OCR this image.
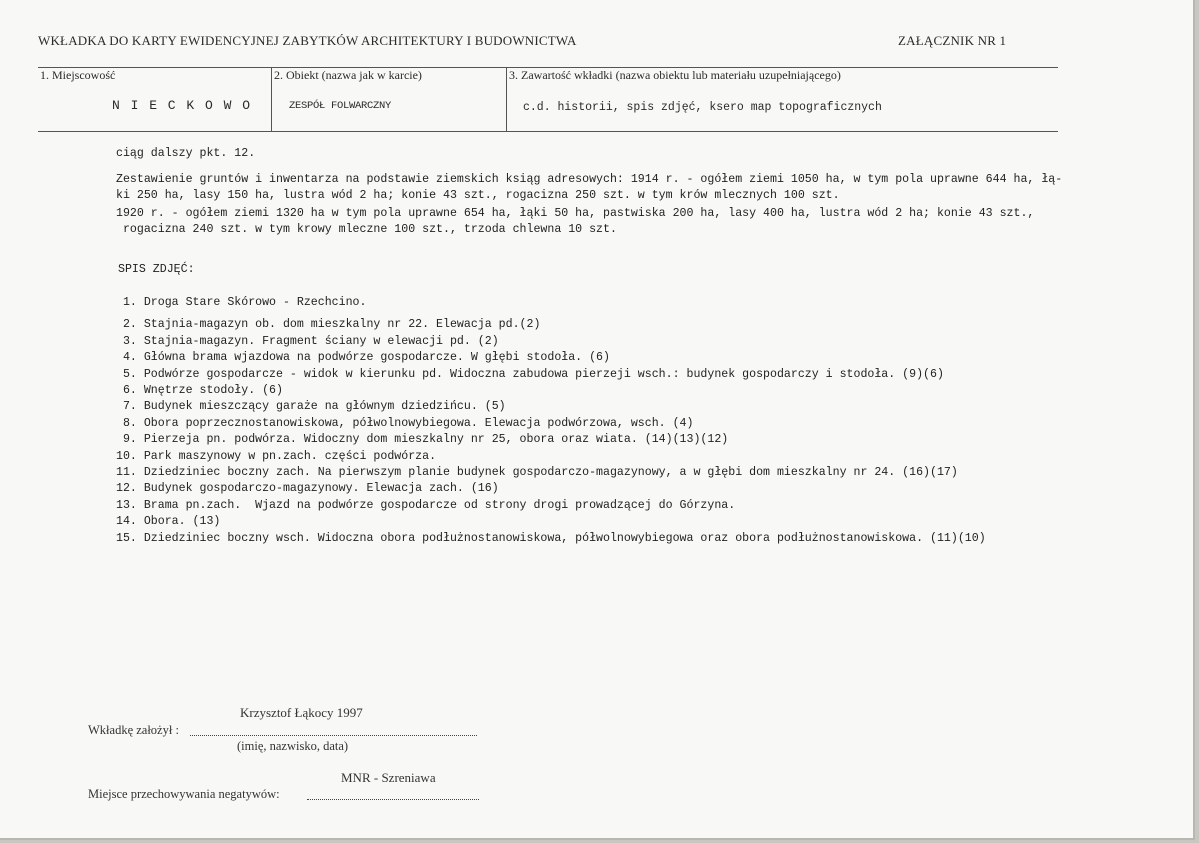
WKŁADKA DO KARTY EWIDENCYJNEJ ZABYTKÓW ARCHITEKTURY I BUDOWNICTWA	ZAŁĄCZNIK NR 1
1. Miejscowość	2. Obiekt (nazwa jak w karcie)	3. Zawartość wkładki (nazwa obiektu lub materiału uzupełniającego)
N I E C K O W O	ZESPÓŁ FOLWARCZNY	c.d. historii, spis zdjęć, ksero map topograficznych
ciąg dalszy pkt. 12.
Zestawienie gruntów i inwentarza na podstawie ziemskich ksiąg adresowych: 1914 r. - ogółem ziemi 1050 ha, w tym pola uprawne 644 ha, łą-
ki 250 ha, lasy 150 ha, lustra wód 2 ha; konie 43 szt., rogacizna 250 szt. w tym krów mlecznych 100 szt.
1920 r. - ogółem ziemi 1320 ha w tym pola uprawne 654 ha, łąki 50 ha, pastwiska 200 ha, lasy 400 ha, lustra wód 2 ha; konie 43 szt.,
rogacizna 240 szt. w tym krowy mleczne 100 szt., trzoda chlewna 10 szt.
SPIS ZDJĘĆ:
1. Droga Stare Skórowo - Rzechcino.
2. Stajnia-magazyn ob. dom mieszkalny nr 22. Elewacja pd.(2)
3. Stajnia-magazyn. Fragment ściany w elewacji pd. (2)
4. Główna brama wjazdowa na podwórze gospodarcze. W głębi stodoła. (6)
5. Podwórze gospodarcze - widok w kierunku pd. Widoczna zabudowa pierzeji wsch.: budynek gospodarczy i stodoła. (9)(6)
6. Wnętrze stodoły. (6)
7. Budynek mieszczący garaże na głównym dziedzińcu. (5)
8. Obora poprzecznostanowiskowa, półwolnowybiegowa. Elewacja podwórzowa, wsch. (4)
9. Pierzeja pn. podwórza. Widoczny dom mieszkalny nr 25, obora oraz wiata. (14)(13)(12)
10. Park maszynowy w pn.zach. części podwórza.
11. Dziedziniec boczny zach. Na pierwszym planie budynek gospodarczo-magazynowy, a w głębi dom mieszkalny nr 24. (16)(17)
12. Budynek gospodarczo-magazynowy. Elewacja zach. (16)
13. Brama pn.zach.  Wjazd na podwórze gospodarcze od strony drogi prowadzącej do Górzyna.
14. Obora. (13)
15. Dziedziniec boczny wsch. Widoczna obora podłużnostanowiskowa, półwolnowybiegowa oraz obora podłużnostanowiskowa. (11)(10)
Krzysztof Łąkocy 1997
Wkładkę założył :
(imię, nazwisko, data)
MNR - Szreniawa
Miejsce przechowywania negatywów:
